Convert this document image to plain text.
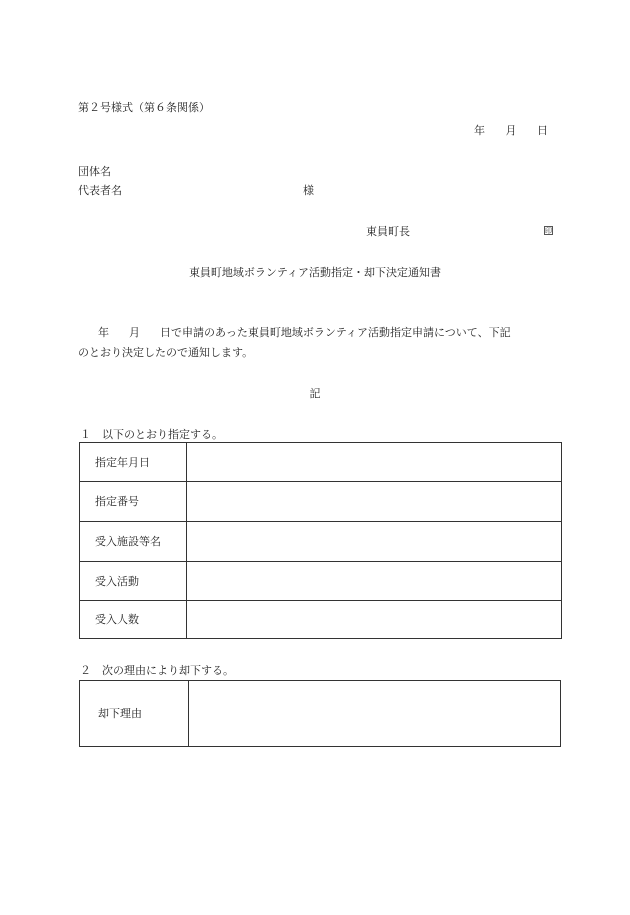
第２号様式（第６条関係）
年 月 日
団体名
代表者名	様
東員町長	印
東員町地域ボランティア活動指定・却下決定通知書
年 月 日で申請のあった東員町地域ボランティア活動指定申請について、下記
のとおり決定したので通知します。
記
１　以下のとおり指定する。
指定年月日	
指定番号	
受入施設等名	
受入活動	
受入人数	
２　次の理由により却下する。
却下理由	
